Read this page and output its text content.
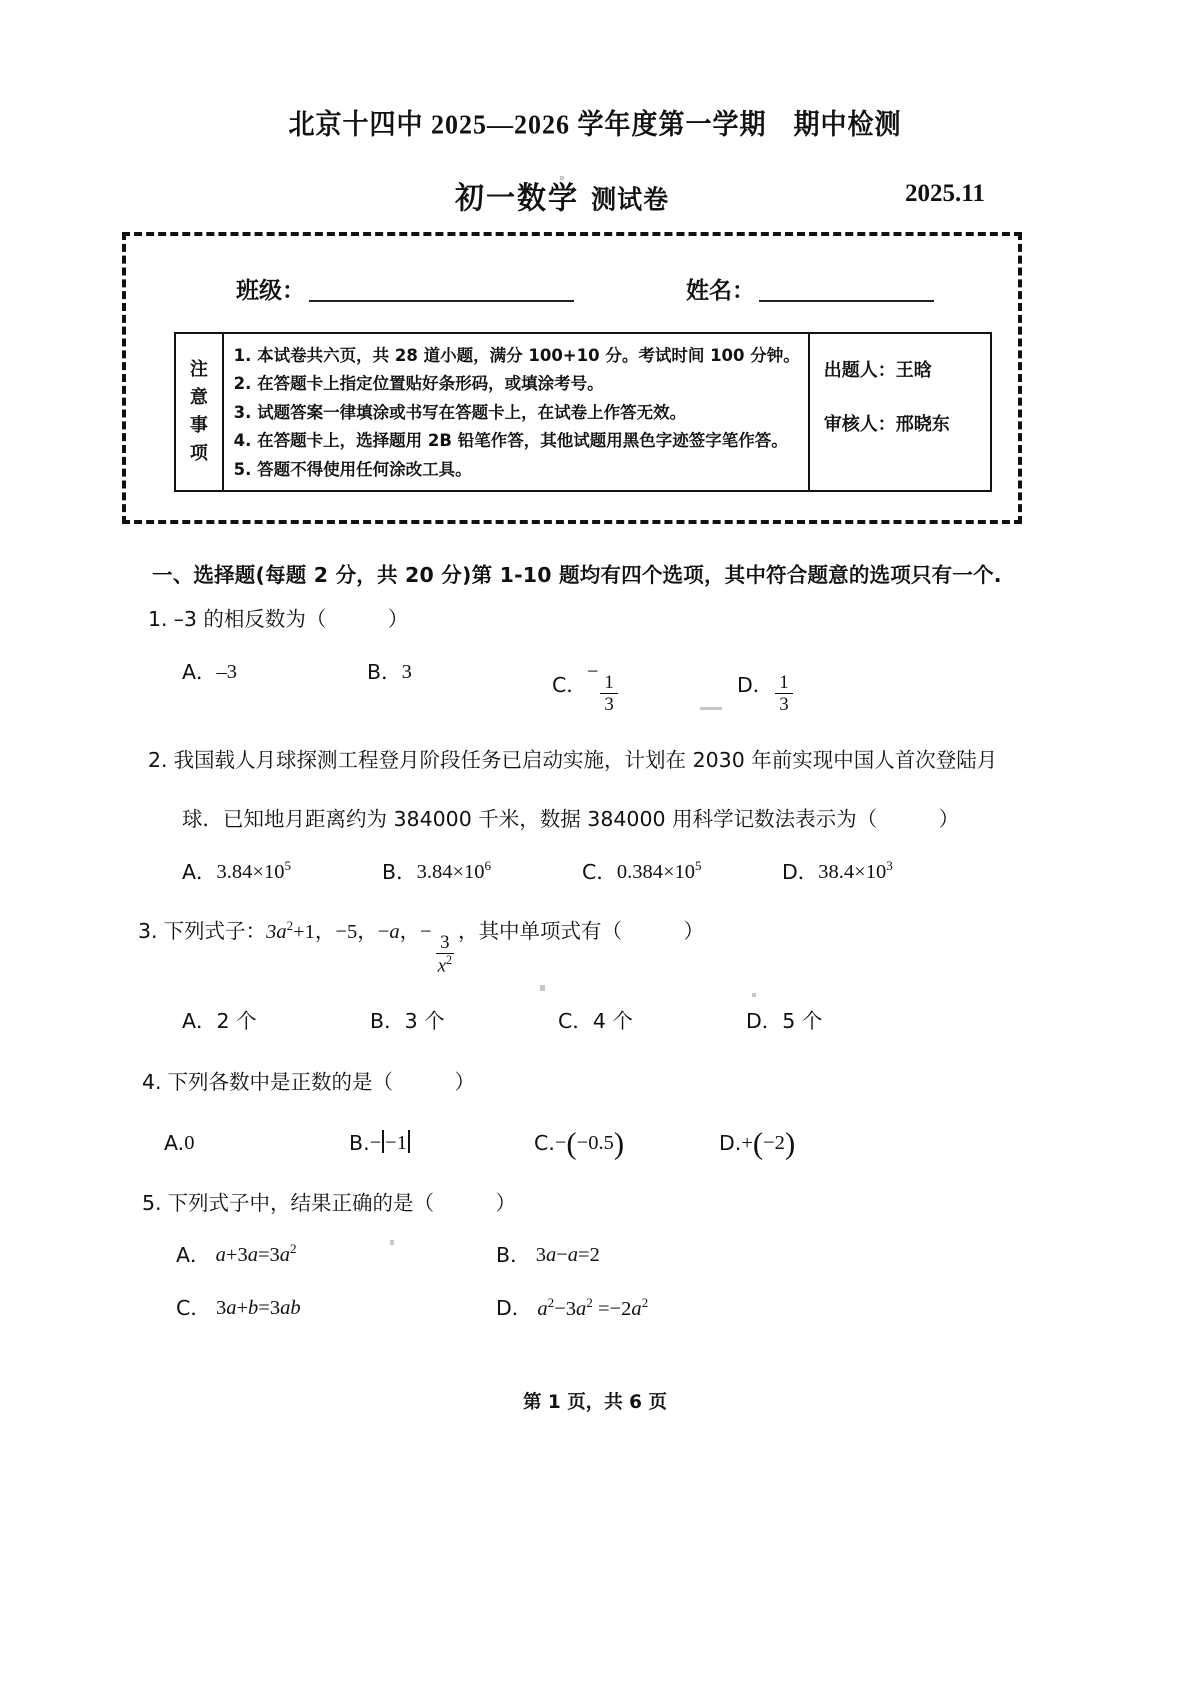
北京十四中 2025—2026 学年度第一学期　期中检测
初一数学 测试卷	2025.11
班级：	姓名：
注
意
事
项
1. 本试卷共六页，共 28 道小题，满分 100+10 分。考试时间 100 分钟。
2. 在答题卡上指定位置贴好条形码，或填涂考号。
3. 试题答案一律填涂或书写在答题卡上，在试卷上作答无效。
4. 在答题卡上，选择题用 2B 铅笔作答，其他试题用黑色字迹签字笔作答。
5. 答题不得使用任何涂改工具。
出题人：王晗
审核人：邢晓东
一、选择题(每题 2 分，共 20 分)第 1-10 题均有四个选项，其中符合题意的选项只有一个.
1. –3 的相反数为（　　　）
A． –3	B． 3
C．
− $\frac{1}{3}$	D． $\frac{1}{3}$
2. 我国载人月球探测工程登月阶段任务已启动实施，计划在 2030 年前实现中国人首次登陆月
球．已知地月距离约为 384000 千米，数据 384000 用科学记数法表示为（　　　）
A． $3.84\times 10^5$	B． $3.84\times 10^6$	C． $0.384\times 10^5$	D． $38.4\times 10^3$
3. 下列式子：$3a^2+1$，−5，−a，− $\frac{3}{x^2}$
，其中单项式有（　　　）
A． 2 个	B． 3 个	C． 4 个	D． 5 个
4. 下列各数中是正数的是（　　　）
A. 0	B. − −1	C. −(−0.5)	D. +(−2)
5. 下列式子中，结果正确的是（　　　）
A． $a+3a=3a^2$	B． 3a−a=2
C． 3a+b=3ab	D． $a^2-3a^2 =-2a^2$
第 1 页，共 6 页
